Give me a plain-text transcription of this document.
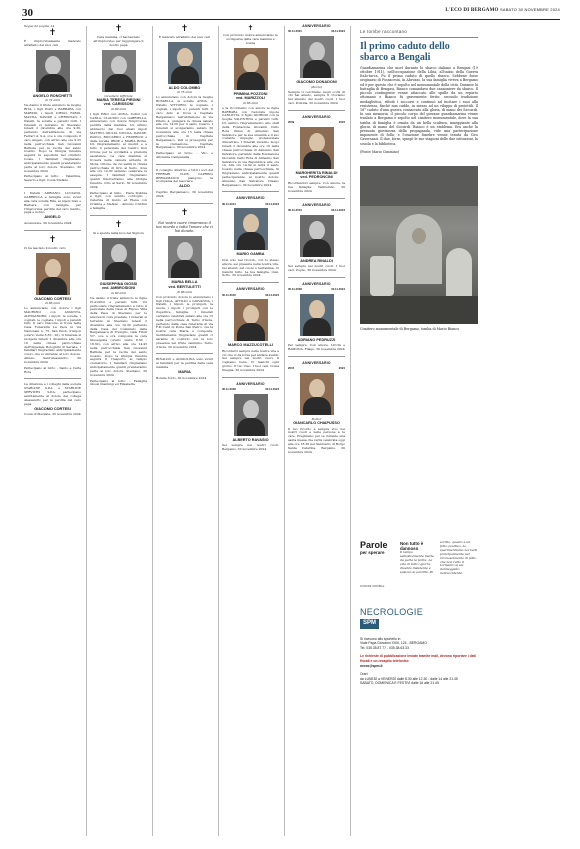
30	L'ECO DI BERGAMO SABATO 30 NOVEMBRE 2024
Segue da pagina 14
✝
È improvvisamente mancato all'affetto dei suoi cari
ANGELO RONCHETTI
di 72 anni
Ne danno il triste annuncio la moglie RITA, i figli IVAN e BARBARA con MARZIO, i nipoti DIEGO, FABIO, MATTIA, DAVIDE e CHRISTIAN, i fratelli, la sorella e parenti tutti. I funerali si terranno in Stezzano lunedì 2 dicembre alle ore 9.30, partendo dall'abitazione di via Ferrari 4, S.A. ove è ora composto il caro Angelo, con arrivo alle ore 9.25 nella parrocchiale San Giovanni Battista per la recita del santo rosario. Dopo la liturgia funebre seguirà la sepoltura nel cimitero locale. I familiari ringraziano anticipatamente quanti prenderanno parte al loro dolore. Stezzano, 30 novembre 2024
Partecipano al lutto: - Valentina, Saverio e figli, Costa Stefano
I fratelli ADRIANO, LUCIANO, GABRIELLA e famiglie sono vicini alla cara sorella Rita, ai nipoti Ivan e Barbara con famiglie per l'improvvisa perdita del caro marito, papà e nonno
ANGELO
Ascensione, 30 novembre 2024
✝
Ci ha lasciato il nostro caro
GIACOMO CORTESI
di 86 anni
Lo annunciano con dolore i figli MAURIZIO con ASSUNTA, ALESSANDRO, i nipoti, le sorelle, i cognati, le cognate, i nipoti e parenti tutti. Il caro Giacomo si trova nella Casa Funeraria La Pace in via Nazionale n. 75, San Paolo d'Argon (orario visite 8.30 - 20). Il funerale si svolgerà lunedì 2 dicembre alle ore 10 nella chiesa parrocchiale dell'Ospedale Bolognini di Seriate. I familiari ringraziano anticipatamente coloro che si uniranno al loro dolore. Albano Sant'Alessandro, 30 novembre 2024
Partecipano al lutto: - Santo e Carla Rota
La direzione e i colleghi della società STARLINE S.P.A. e STARLINE SERVICES S.P.A. partecipano sentitamente al dolore del collega Alessandro per la perdita del caro papà
GIACOMO CORTESI
Costa di Mezzate, 30 novembre 2024
✝
Cara mamma, ci hai lasciato all'improvviso per raggiungere il nostro papà
Cavaliere Ufficiale
MARIA TERESA PIRGINI
ved. CARISSONI
di 89 anni
I figli EZIO con ANNA, LUIGI con CARLA, CLAUDIO con GABRIELLA, annunciano con dolore l'improvvisa perdita della mamma. Un ultimo abbraccio dai tuoi amati nipoti MATTEO, GIULIA, NICOLA, DAVIDE, PAOLO, RICCARDO e FEDERICO e dalle sorelle IRIDE e MARIA ROSA. Un ringraziamento ai medici e a tutto il personale del Centro Don Orione per la cordialità e premura assistenze. La cara mamma si troverà nella camera ardente di Mons. Orione, da cui salirà in chiesa parrocchiale di Orio al Serio, dove alle ore 10.30 saranno celebrate le esequie. I familiari ringraziano quanti interverranno alla liturgia funebre. Orio al Serio, 30 novembre 2024
Partecipano al lutto: - Piera Trebbia e figli, con sentito cordoglio - Caterina di Guido ed Elena con Cristina e Stefano - Antonio Cividini e famiglia
✝
Si è spenta nella luce del Signore
GIUSEPPINA GIOSSI
ved. AMBROSIONI
di 90 anni
Ne danno il triste annuncio le figlie CLAUDIO e parenti tutti. Un particolare ringraziamento a tutto il personale della Casa di Riposo Villa della Pace di Stezzano per le amorevoli cure prestate. I funerali si terranno in Stezzano lunedì 2 dicembre alle ore 10.30 partendo dalla Casa del Commiato della Bergamasca di Treviglio, viale Friuli 5/7, ove è ora composta la cara Giuseppina (orario visite 8.30 - 18.30), con arrivo alle ore 14.45 nella parrocchiale San Giovanni Battista per la recita del santo rosario. Dopo la liturgia funebre seguirà il trasporto al tempio crematorio. I familiari ringraziano anticipatamente quanti prenderanno parte al loro dolore. Stezzano, 30 novembre 2024
Partecipano al lutto: - Famiglia Giossi Gianluigi ed Elisabetta
✝
È mancato all'affetto dei suoi cari
ALDO COLOMBO
di 75 anni
Lo annunciano con dolore la moglie ROSSELLA, le sorelle ANNA, il fratello VITTORIO, le cognate, i cognati, i nipoti e i parenti tutti. Il caro Aldo si trova a Capriate Bergamasco nell'abitazione in via Pitelio 4, giungerà la chiesa sabato alle ore 14.30 per il santo rosario. I funerali si svolgeranno sabato 30 novembre alle ore 15 nella chiesa parrocchiale di Capriate Bergamasco, indi si proseguirà per la cremazione. Capriate Bergamasco, 30 novembre 2024
Partecipano al lutto: - Vito e Alfonsina Campanella
Il consiglio direttivo e tutti i soci del FERRARI CLUB CAPRINO BERGAMASCO piangono la scomparsa del tesoriere
ALDO
Caprino Bergamasco, 30 novembre 2024
✝
Noi vostro cuore rimarranno il tuo ricordo e tutto l'amore che ci hai donato.
MARIA BELLA
ved. BERTULETTI
di 98 anni
Con profondo dolore lo annunciano i figli ITALA, ATTILIO e GIOVANNA, i fratelli, i nipoti, le pronipoti, la nuora, i nipoti, i pronipoti con le rispettive famiglie. I funerali verranno celebrati sabato alle ore 15 nella parrocchiale di Terno d'Isola, partendo dalla casa funeraria di via F.lli Calvi in Ponte San Pietro, ove la nostra cara Maria è composta. Sentitamente ringraziano quanti ci saranno di conforto con la loro presenza nel triste cammino. Terno d'Isola, 30 novembre 2024
RINALDO e ANGIOLINA sono vicini ai familiari per la perdita della cara mamma
MARIA
Bonate Sotto, 30 novembre 2024
✝
Con profondo dolore annunciamo la scomparsa della cara mamma e nonna
PRIMINA POZZONI
ved. MARIZZOLI
di 86 anni
e la ricordiamo con amore le figlie BARBARA con l'adorata nipote CARLOTTA, il figlio GIORGIO con la moglie VALENTINA e parenti tutti. Un sentito ringraziamento allo staff della Fondazione Giovanni Carlo Rota Onlus di Almenno San Salvatore per la sua umanità e il suo costante impegno professionale dimostrato. I funerali avranno luogo lunedì 2 dicembre alle ore 10 nella chiesa parrocchiale di Almenno San Salvatore, partendo dalla Fondazione Giovanni Carlo Rota di Almenno San Salvatore in via Repubblica alle ore 14. Alle ore 14.30 si terrà il santo rosario nella chiesa parrocchiale. Si ringraziano anticipatamente quanti parteciperanno al nostro dolore. Almenno San Salvatore Ciisano Bergamasco, 30 novembre 2024
ANNIVERSARIO
30.11.2014	30.11.2024
MARIO GAMBA
Non solo nel ricordo, con lo stesso amore, sei presente nella nostra vita, nei silenzi, nel cuore e nell'anima. Ci manchi tutto. La tua famiglia. Ossi, Sotto, 30 novembre 2024
ANNIVERSARIO
30.11.2016	30.11.2024
MARCO MAZZUCOTELLI
Ricordarvi sempre nelle nostre vite è ciò che ci dà forza per andare avanti. Sei sempre nei nostri cuori, ti vogliamo bene. Ci manchi ogni giorno. Il tuo Ciao. I tuoi cari. Coma Imagna, 30 novembre 2024
ANNIVERSARIO
30.11.2009	30.11.2024
ALBERTO RAVASIO
Sei sempre nei nostri cuori. Bergamo, 30 novembre 2024
ANNIVERSARIO
30.11.2001	30.11.2024
GIACOMO DONADONI
(Bocia)
Sempre ti cerchiamo negli occhi di chi hai amato, sempre ti troviamo nel silenzio dei nostri cuori. I tuoi cari. Pontida, 30 novembre 2024
ANNIVERSARIO
2009	2024
MARGHERITA RINALDI
ved. PEDRONCINI
Ricordandoti sempre. Con amore, la tua famiglia. Valbrembo, 30 novembre 2024
ANNIVERSARIO
30.11.2013	30.11.2024
ANDREA RINALDI
Sei sempre nei nostri cuori. I tuoi cari. Zogno, 30 novembre 2024
ANNIVERSARIO
30.11.2008	30.11.2024
ADRIANO PEDRUZZI
Per sempre. Con amore, LUCIA e RAMONA. Filago, 30 novembre 2024
ANNIVERSARIO
2015	2024
Dottor
GIANCARLO CHIAPUSSO
Il tuo ricordo è sempre vivo nei nostri cuori e nelle persone a te care. Preghiamo per te durante una santa messa che verrà celebrata oggi alle ore 18.30 nel Santuario di Borgo Santa Caterina. Bergamo, 30 novembre 2024
Le tombe raccontano
Il primo caduto dello sbarco a Bengali
Guardiamarina che morì durante lo sbarco italiano a Bengasi (19 ottobre 1911), nell'occupazione della Libia, all'inizio della Guerra Italo-turca. Fu il primo caduto di quello sbarco. Sebbene fosse originario di Fossacesia, in Abruzzo, la sua famiglia viveva a Bergamo ed è per questo che è sepolto nel monumentale della città. Durante la battaglia di Bengasi, Bianco comandava due cannoniere da sbarco. Il piccolo contingente venne attaccato alle spalle da un reparto ottomano e Bianco fu gravemente ferito: secondo tradizione medaglistica, rifiutò i soccorsi e continuò ad incitare i suoi alla resistenza, finché non cadde, in mezzo ad un viluppo di proiettili. Il 18° caduto d'una guerra consacrato alla gloria, di mano dei Siccardi. In sua memoria, il piccolo corpo del giovane guardiamarina venne traslato a Bergamo e sepolto nel cimitero monumentale, dove la sua tomba di famiglia è ornata da un bella scultura, inneggiante alla gloria, di mano del Siccardi. Bianco è un emblema. Era anche la presunta giovinezza della propaganda, vide una partecipazione imponente di folla; e l'orazione funebre venne tenuta da Ciro Caversazzi. Il due, forse, spiegò le sue stagioni delle due istituzioni, la scuola e la biblioteca.
(Fonte Mario Cimmino)
Cimitero monumentale di Bergamo, tomba di Mario Bianco
Parole
per sperare
RUMORE ORRIBILE
Non tutto è dannoso
Il tempo semplicemente mette da parte le ferite. La vita di tutti i giorni diventa insistente e spiazza la perdita. Di
scritto, questo è un fatto positivo. Lo sperimentiamo noi tutti principalmente nel riconoscimento di fatto che non tutto il tormento si sia danneggiato nell'accidente.
NECROLOGIE
SPM

Si ricevono allo sportello in
Viale Papa Giovanni XXIII, 124 - BERGAMO
Tel. 035.35.87.77 - 035.38.63.33

Le richieste di pubblicazione inviate tramite mail, devono riportare i dati fiscali e un recapito telefonico
necro@spm.it

Orari
da LUNEDÌ a VENERDÌ dalle 8.30 alle 12.30 - dalle 14 alle 21.45
SABATO, DOMENICA E FESTIVI dalle 16 alle 21.45
